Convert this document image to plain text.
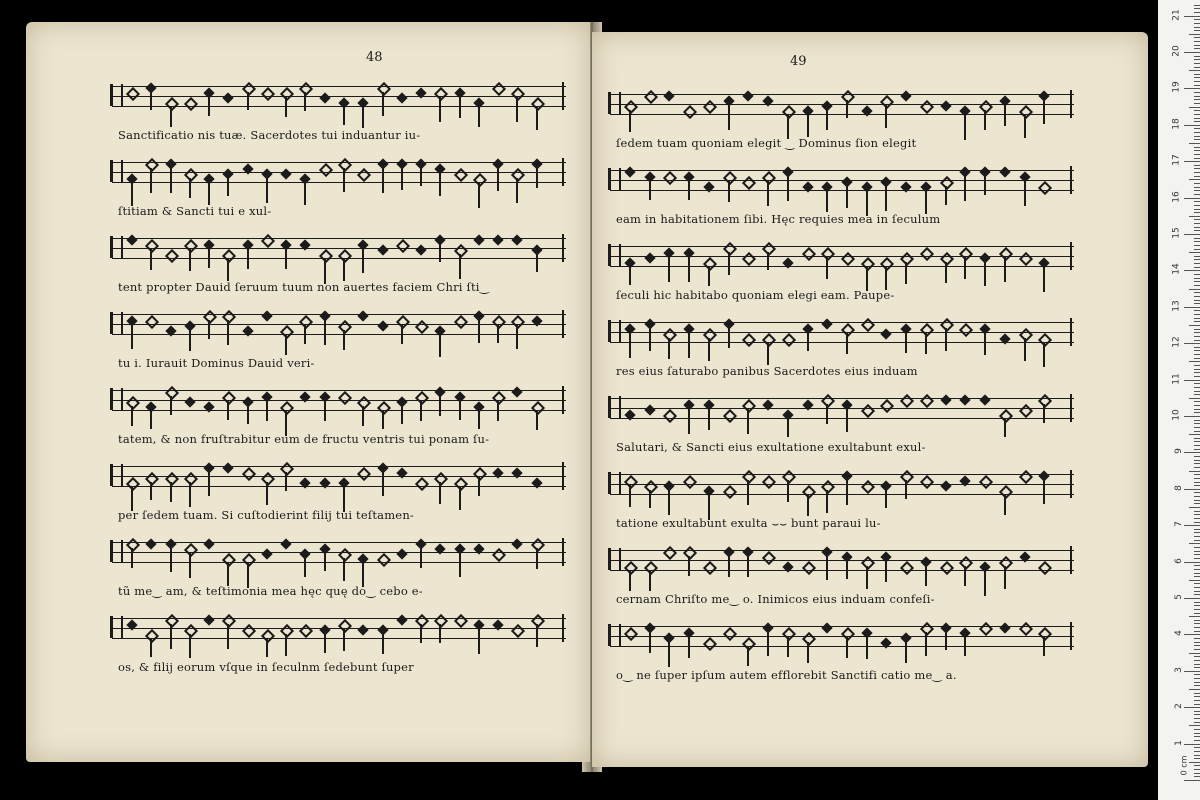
48
Sanctificatio nis tuæ. Sacerdotes tui induantur iu-
ſtitiam & Sancti tui e xul-
tent propter Dauid ſeruum tuum non auertes faciem Chri ſti‿
tu i. Iurauit Dominus Dauid veri-
tatem, & non fruſtrabitur eum de fructu ventris tui ponam ſu-
per ſedem tuam. Si cuſtodierint filij tui teſtamen-
tũ me‿ am, & teſtimonia mea hęc quę do‿ cebo e-
os, & filij eorum vſque in ſeculnm ſedebunt ſuper
49
ſedem tuam quoniam elegit ‿ Dominus ſion elegit
eam in habitationem ſibi. Hęc requies mea in ſeculum
ſeculi hic habitabo quoniam elegi eam. Paupe-
res eius ſaturabo panibus Sacerdotes eius induam
Salutari, & Sancti eius exultatione exultabunt exul-
tatione exultabunt exulta ⌣⌣ bunt paraui lu-
cernam Chriſto me‿ o. Inimicos eius induam confeſi-
o‿ ne ſuper ipſum autem efflorebit Sanctifi catio me‿ a.
0 cm
1
2
3
4
5
6
7
8
9
10
11
12
13
14
15
16
17
18
19
20
21
